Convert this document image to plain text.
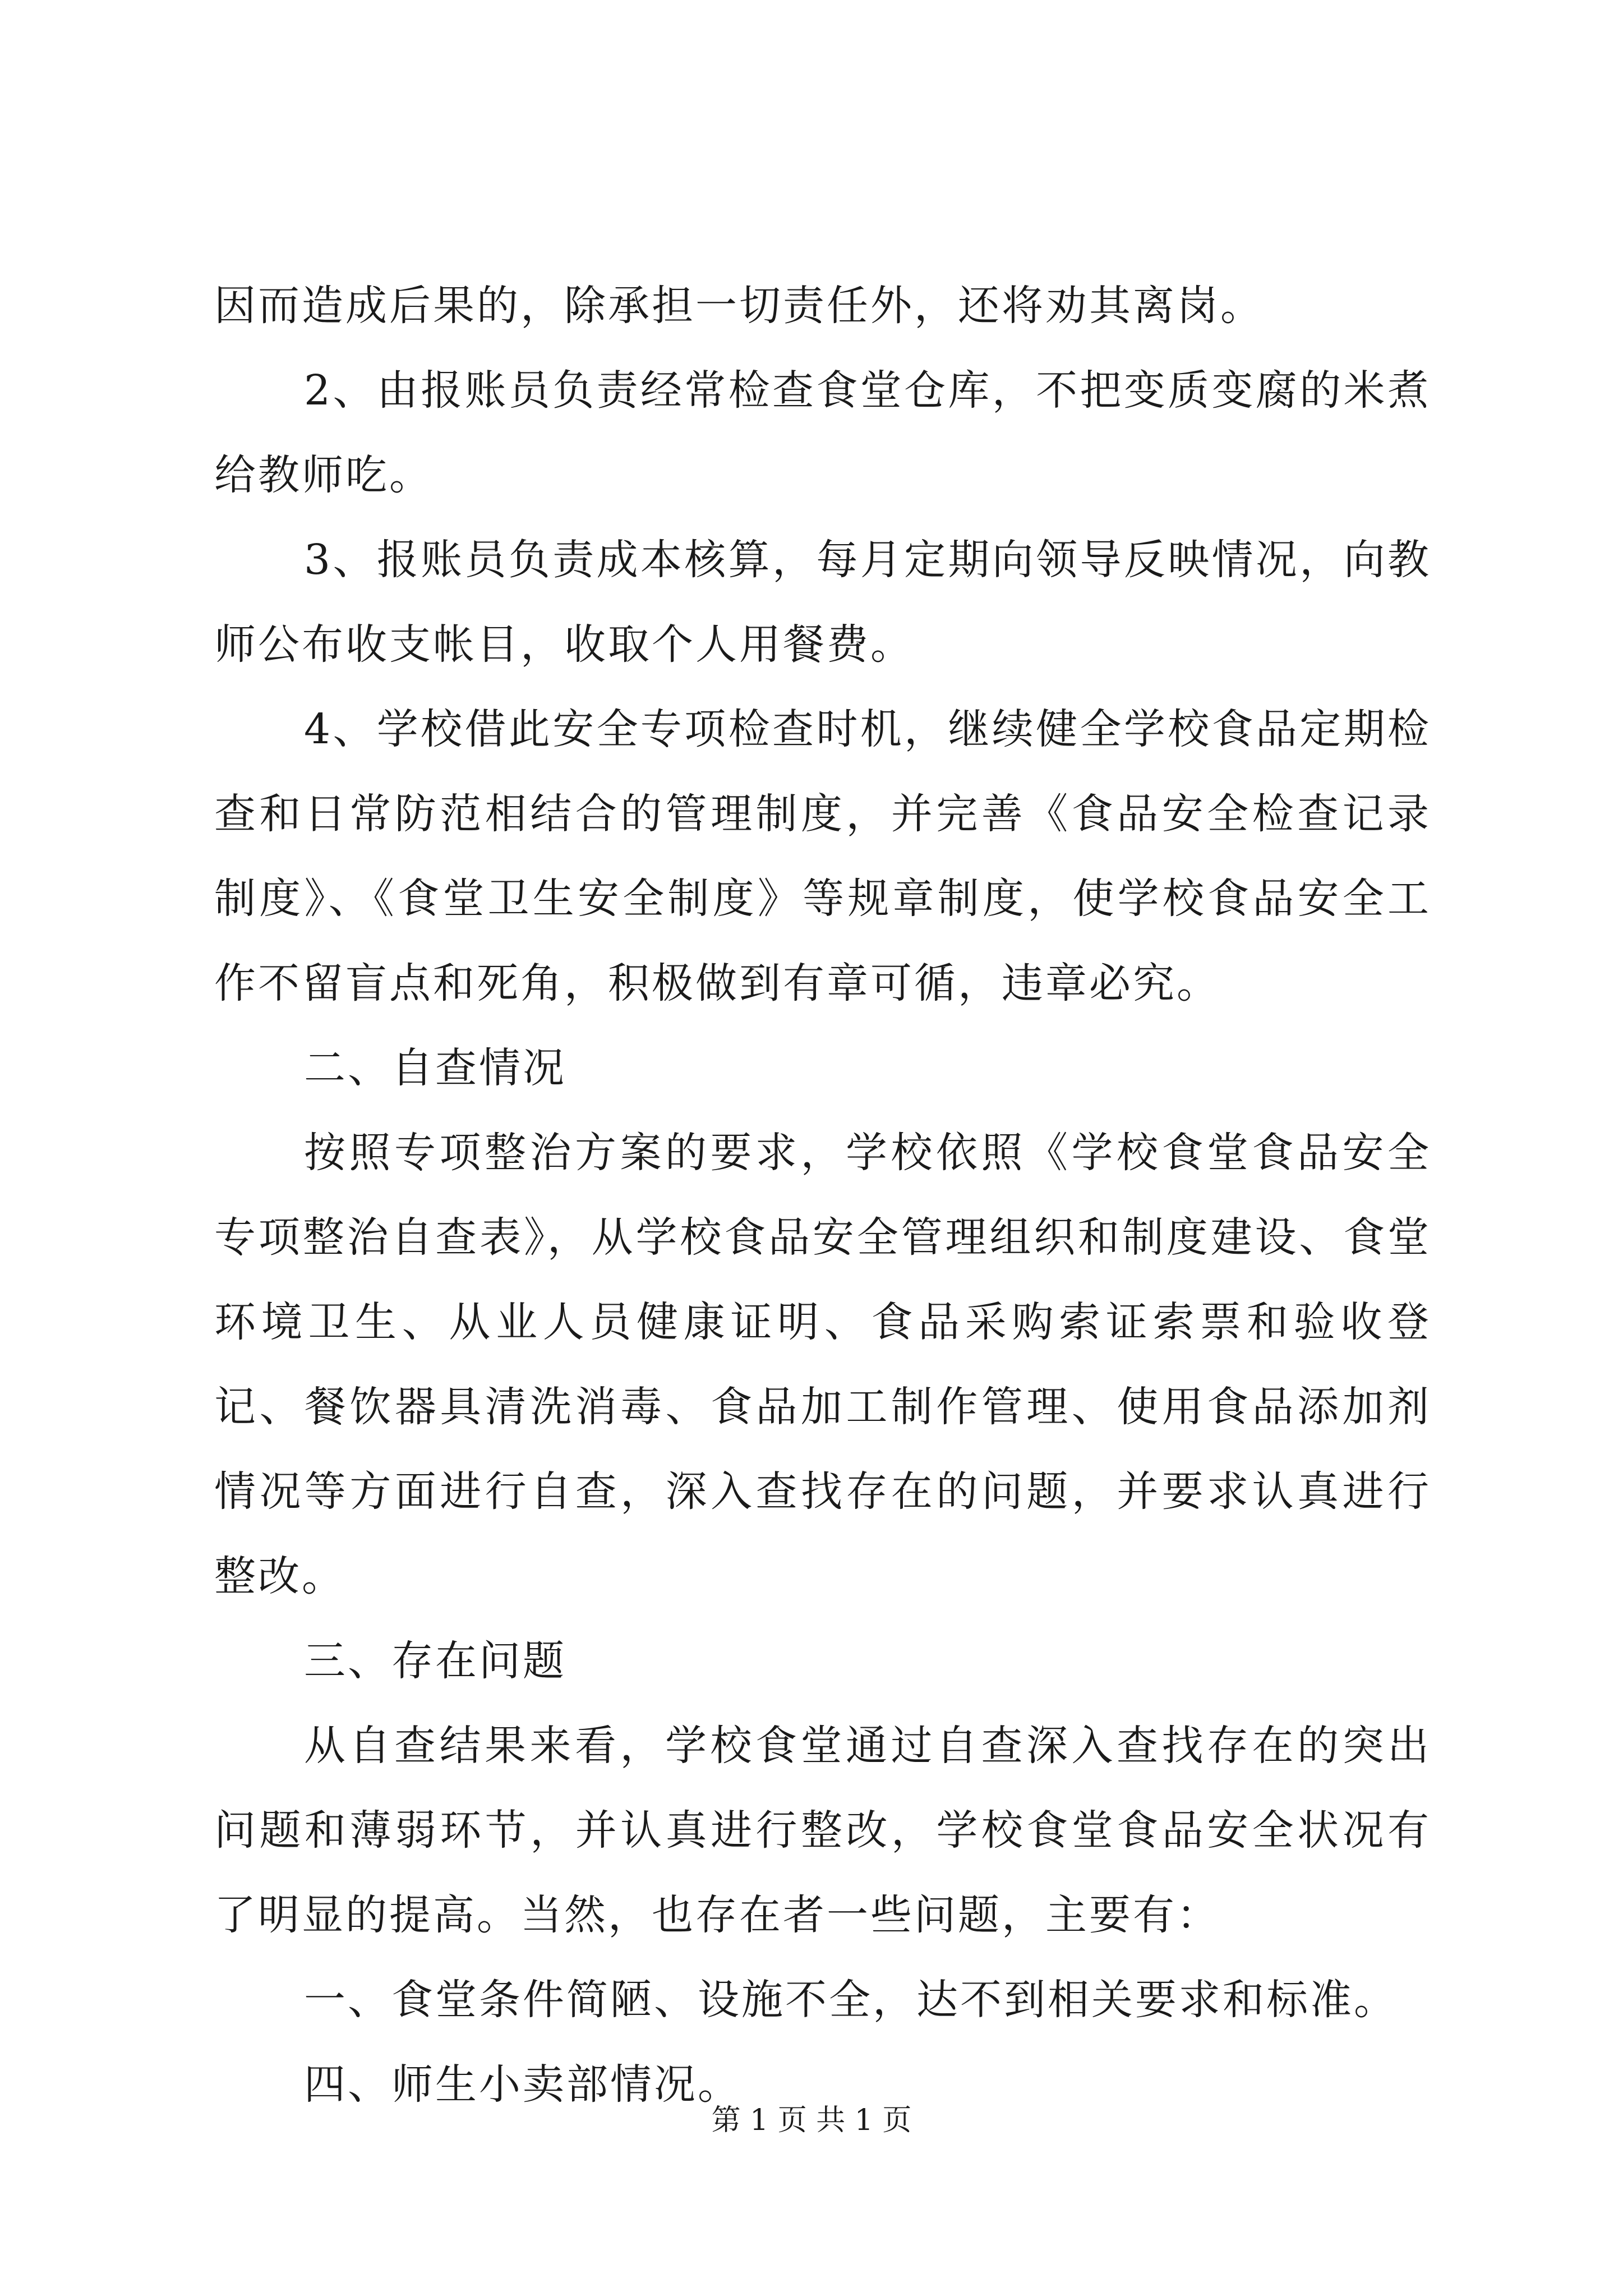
因而造成后果的，除承担一切责任外，还将劝其离岗。

2、由报账员负责经常检查食堂仓库，不把变质变腐的米煮给教师吃。

3、报账员负责成本核算，每月定期向领导反映情况，向教师公布收支帐目，收取个人用餐费。

4、学校借此安全专项检查时机，继续健全学校食品定期检查和日常防范相结合的管理制度，并完善《食品安全检查记录制度》、《食堂卫生安全制度》等规章制度，使学校食品安全工作不留盲点和死角，积极做到有章可循，违章必究。

二、自查情况

按照专项整治方案的要求，学校依照《学校食堂食品安全专项整治自查表》，从学校食品安全管理组织和制度建设、食堂环境卫生、从业人员健康证明、食品采购索证索票和验收登记、餐饮器具清洗消毒、食品加工制作管理、使用食品添加剂情况等方面进行自查，深入查找存在的问题，并要求认真进行整改。

三、存在问题

从自查结果来看，学校食堂通过自查深入查找存在的突出问题和薄弱环节，并认真进行整改，学校食堂食品安全状况有了明显的提高。当然，也存在者一些问题，主要有：

一、食堂条件简陋、设施不全，达不到相关要求和标准。

四、师生小卖部情况。

第 1 页 共 1 页
